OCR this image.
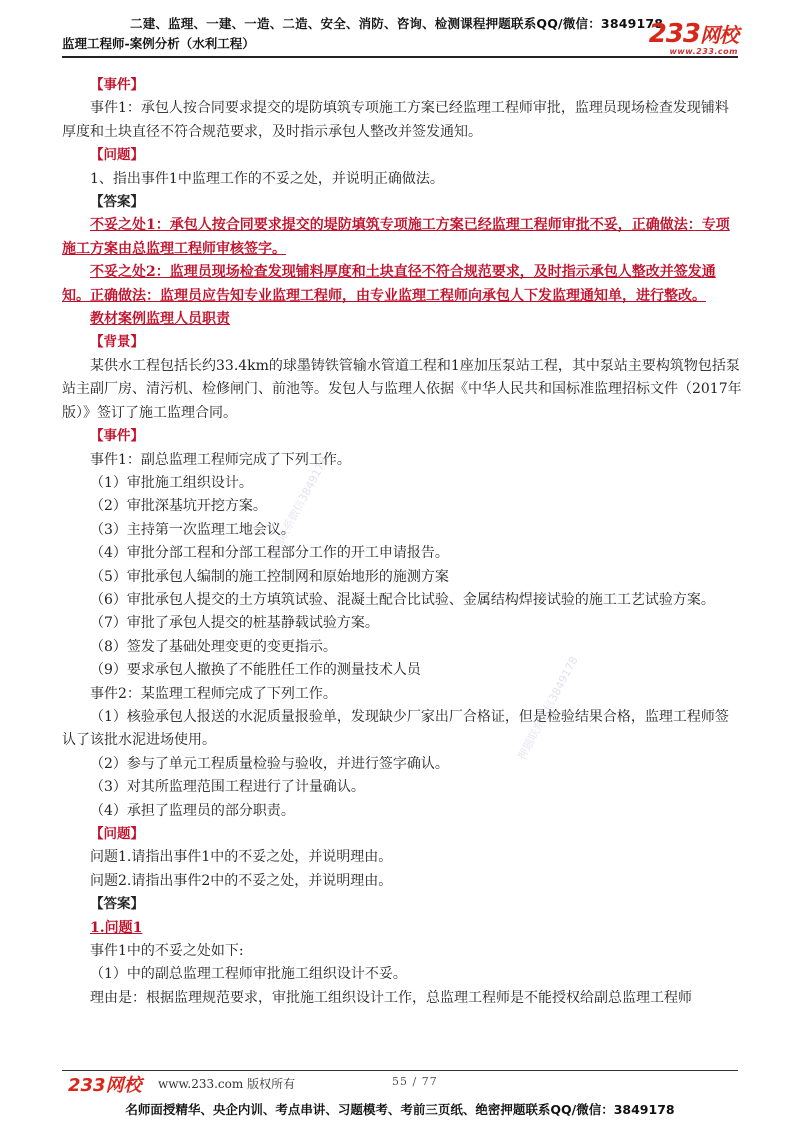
二建、监理、一建、一造、二造、安全、消防、咨询、检测课程押题联系QQ/微信：3849178
监理工程师-案例分析（水利工程）	233网校
www.233.com
押题联系微信3849178
押题联系微信3849178

【事件】

事件1：承包人按合同要求提交的堤防填筑专项施工方案已经监理工程师审批，监理员现场检查发现铺料厚度和土块直径不符合规范要求，及时指示承包人整改并签发通知。

【问题】

1、指出事件1中监理工作的不妥之处，并说明正确做法。

【答案】

不妥之处1：承包人按合同要求提交的堤防填筑专项施工方案已经监理工程师审批不妥，正确做法：专项施工方案由总监理工程师审核签字。

不妥之处2：监理员现场检查发现铺料厚度和土块直径不符合规范要求，及时指示承包人整改并签发通知。正确做法：监理员应告知专业监理工程师，由专业监理工程师向承包人下发监理通知单，进行整改。

教材案例监理人员职责

【背景】

某供水工程包括长约33.4km的球墨铸铁管输水管道工程和1座加压泵站工程，其中泵站主要构筑物包括泵站主副厂房、清污机、检修闸门、前池等。发包人与监理人依据《中华人民共和国标准监理招标文件（2017年版）》签订了施工监理合同。

【事件】

事件1：副总监理工程师完成了下列工作。

（1）审批施工组织设计。

（2）审批深基坑开挖方案。

（3）主持第一次监理工地会议。

（4）审批分部工程和分部工程部分工作的开工申请报告。

（5）审批承包人编制的施工控制网和原始地形的施测方案

（6）审批承包人提交的土方填筑试验、混凝土配合比试验、金属结构焊接试验的施工工艺试验方案。

（7）审批了承包人提交的桩基静载试验方案。

（8）签发了基础处理变更的变更指示。

（9）要求承包人撤换了不能胜任工作的测量技术人员

事件2：某监理工程师完成了下列工作。

（1）核验承包人报送的水泥质量报验单，发现缺少厂家出厂合格证，但是检验结果合格，监理工程师签认了该批水泥进场使用。

（2）参与了单元工程质量检验与验收，并进行签字确认。

（3）对其所监理范围工程进行了计量确认。

（4）承担了监理员的部分职责。

【问题】

问题1.请指出事件1中的不妥之处，并说明理由。

问题2.请指出事件2中的不妥之处，并说明理由。

【答案】

1.问题1

事件1中的不妥之处如下:

（1）中的副总监理工程师审批施工组织设计不妥。

理由是：根据监理规范要求，审批施工组织设计工作，总监理工程师是不能授权给副总监理工程师

233网校 www.233.com 版权所有	55 / 77
名师面授精华、央企内训、考点串讲、习题模考、考前三页纸、绝密押题联系QQ/微信：3849178
